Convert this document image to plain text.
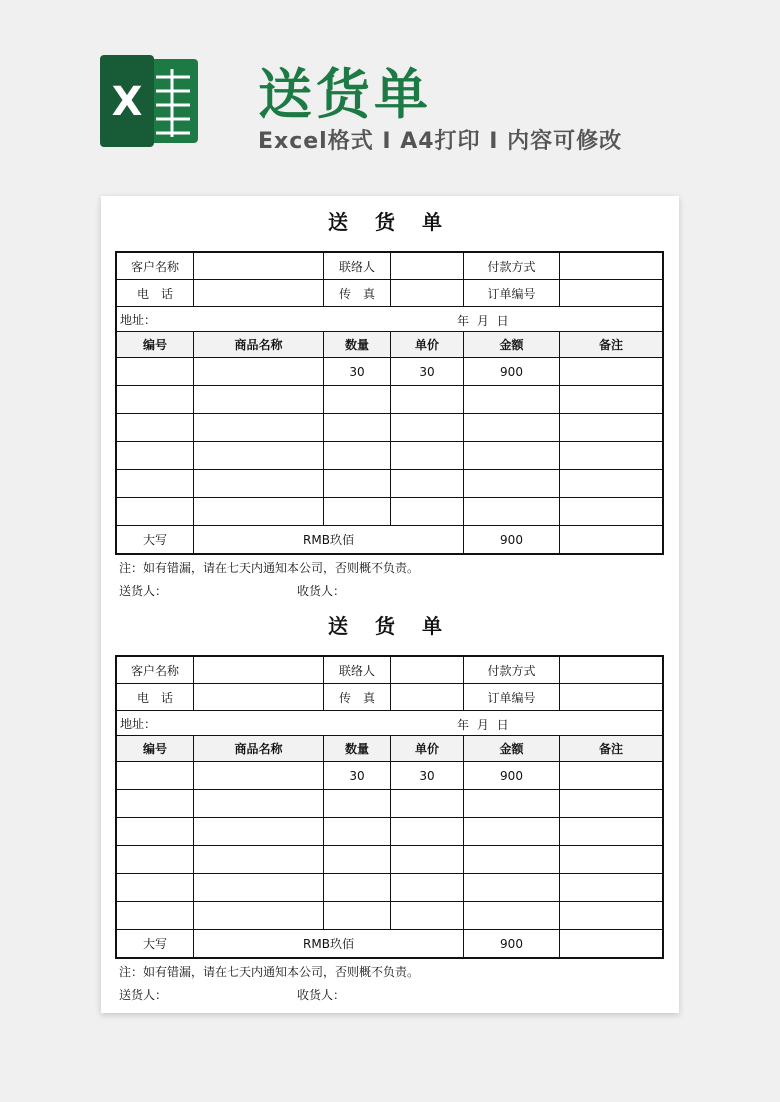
X 送货单
Excel格式 I A4打印 I 内容可修改
送 货 单
客户名称		联络人		付款方式	
电　话		传　真		订单编号	
地址： 年 月 日					

编号	商品名称	数量	单价	金额	备注
		30	30	900	

大写	RMB玖佰			900	
注：如有错漏，请在七天内通知本公司，否则概不负责。
送货人：	收货人：
送 货 单
客户名称		联络人		付款方式	
电　话		传　真		订单编号	
地址： 年 月 日					

编号	商品名称	数量	单价	金额	备注
		30	30	900	

大写	RMB玖佰			900	
注：如有错漏，请在七天内通知本公司，否则概不负责。
送货人：	收货人：
